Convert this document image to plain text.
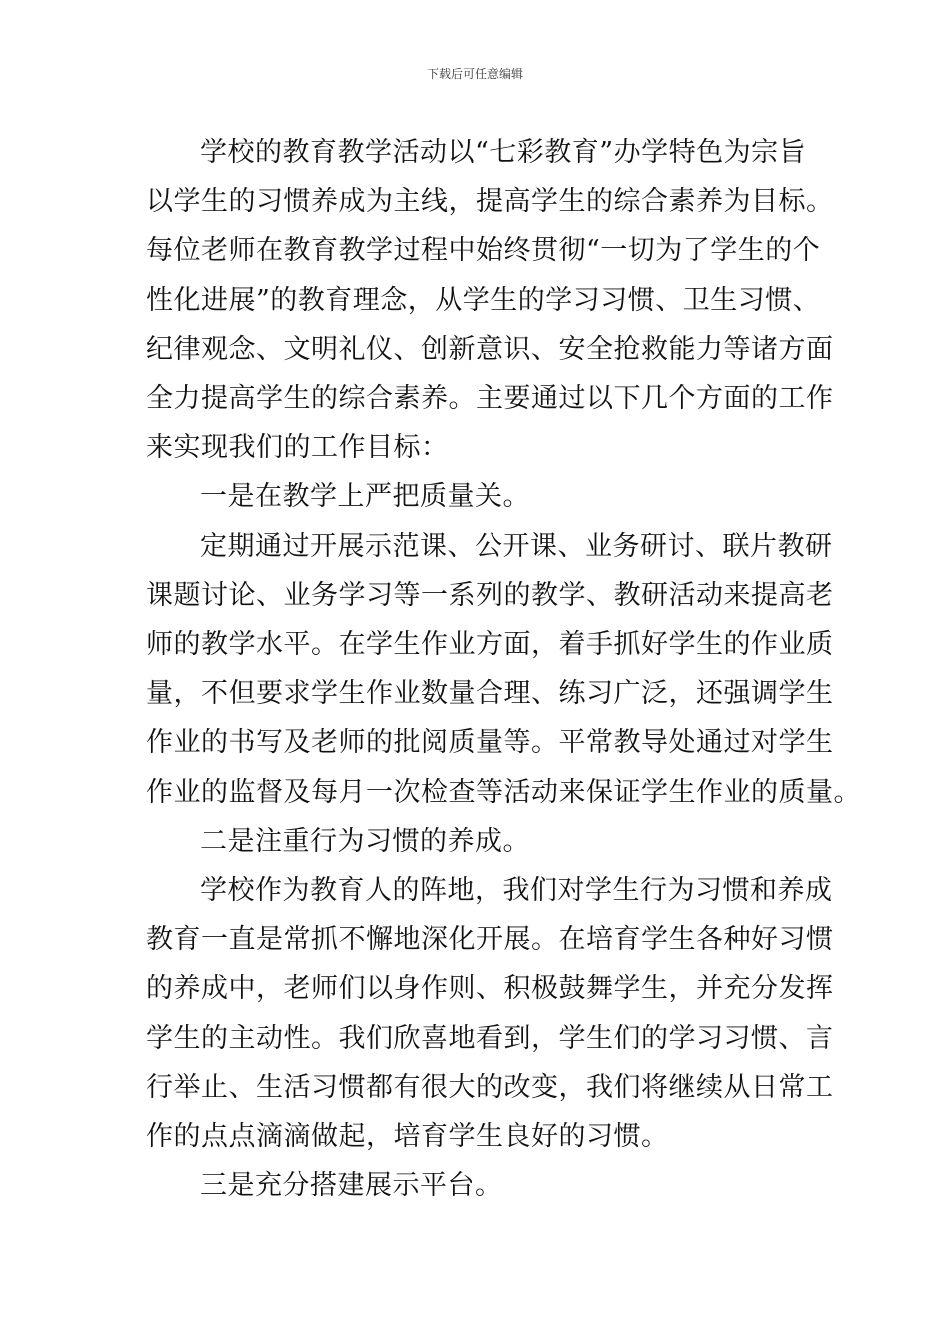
下载后可任意编辑
学校的教育教学活动以“七彩教育”办学特色为宗旨
以学生的习惯养成为主线，提高学生的综合素养为目标。
每位老师在教育教学过程中始终贯彻“一切为了学生的个
性化进展”的教育理念，从学生的学习习惯、卫生习惯、
纪律观念、文明礼仪、创新意识、安全抢救能力等诸方面
全力提高学生的综合素养。主要通过以下几个方面的工作
来实现我们的工作目标：
一是在教学上严把质量关。
定期通过开展示范课、公开课、业务研讨、联片教研
课题讨论、业务学习等一系列的教学、教研活动来提高老
师的教学水平。在学生作业方面，着手抓好学生的作业质
量，不但要求学生作业数量合理、练习广泛，还强调学生
作业的书写及老师的批阅质量等。平常教导处通过对学生
作业的监督及每月一次检查等活动来保证学生作业的质量。
二是注重行为习惯的养成。
学校作为教育人的阵地，我们对学生行为习惯和养成
教育一直是常抓不懈地深化开展。在培育学生各种好习惯
的养成中，老师们以身作则、积极鼓舞学生，并充分发挥
学生的主动性。我们欣喜地看到，学生们的学习习惯、言
行举止、生活习惯都有很大的改变，我们将继续从日常工
作的点点滴滴做起，培育学生良好的习惯。
三是充分搭建展示平台。
